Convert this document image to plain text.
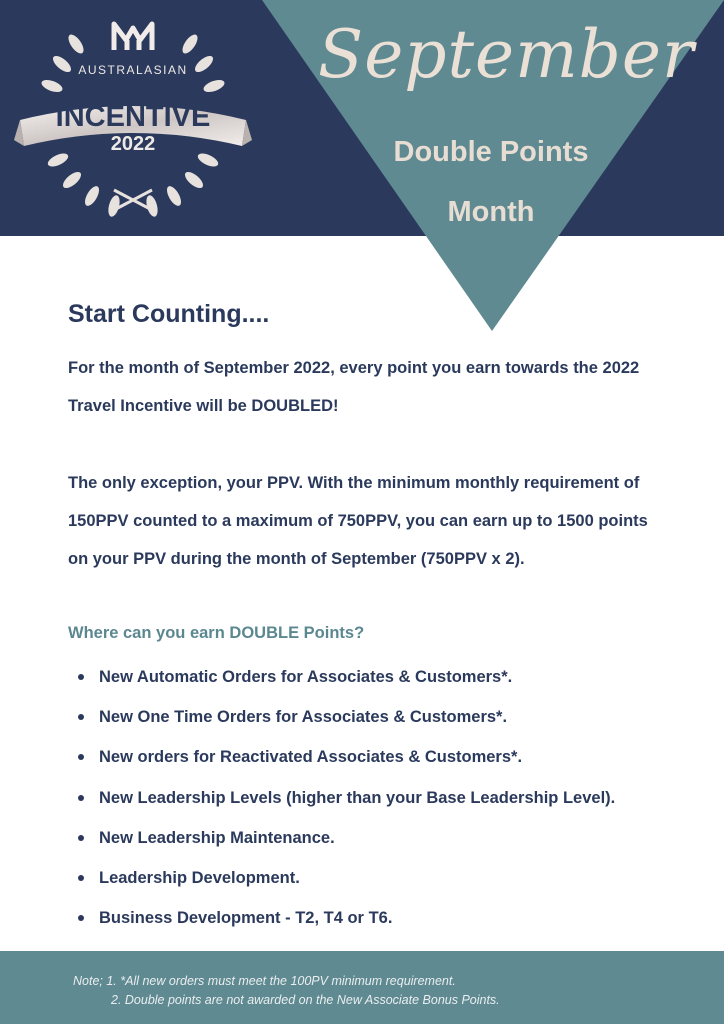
AUSTRALASIAN
INCENTIVE
2022
September
Double Points
Month
Start Counting....

For the month of September 2022, every point you earn towards the 2022 Travel Incentive will be DOUBLED!

The only exception, your PPV. With the minimum monthly requirement of 150PPV counted to a maximum of 750PPV, you can earn up to 1500 points on your PPV during the month of September (750PPV x 2).

Where can you earn DOUBLE Points?
New Automatic Orders for Associates & Customers*.
New One Time Orders for Associates & Customers*.
New orders for Reactivated Associates & Customers*.
New Leadership Levels (higher than your Base Leadership Level).
New Leadership Maintenance.
Leadership Development.
Business Development - T2, T4 or T6.
Note; 1. *All new orders must meet the 100PV minimum requirement.
2. Double points are not awarded on the New Associate Bonus Points.
